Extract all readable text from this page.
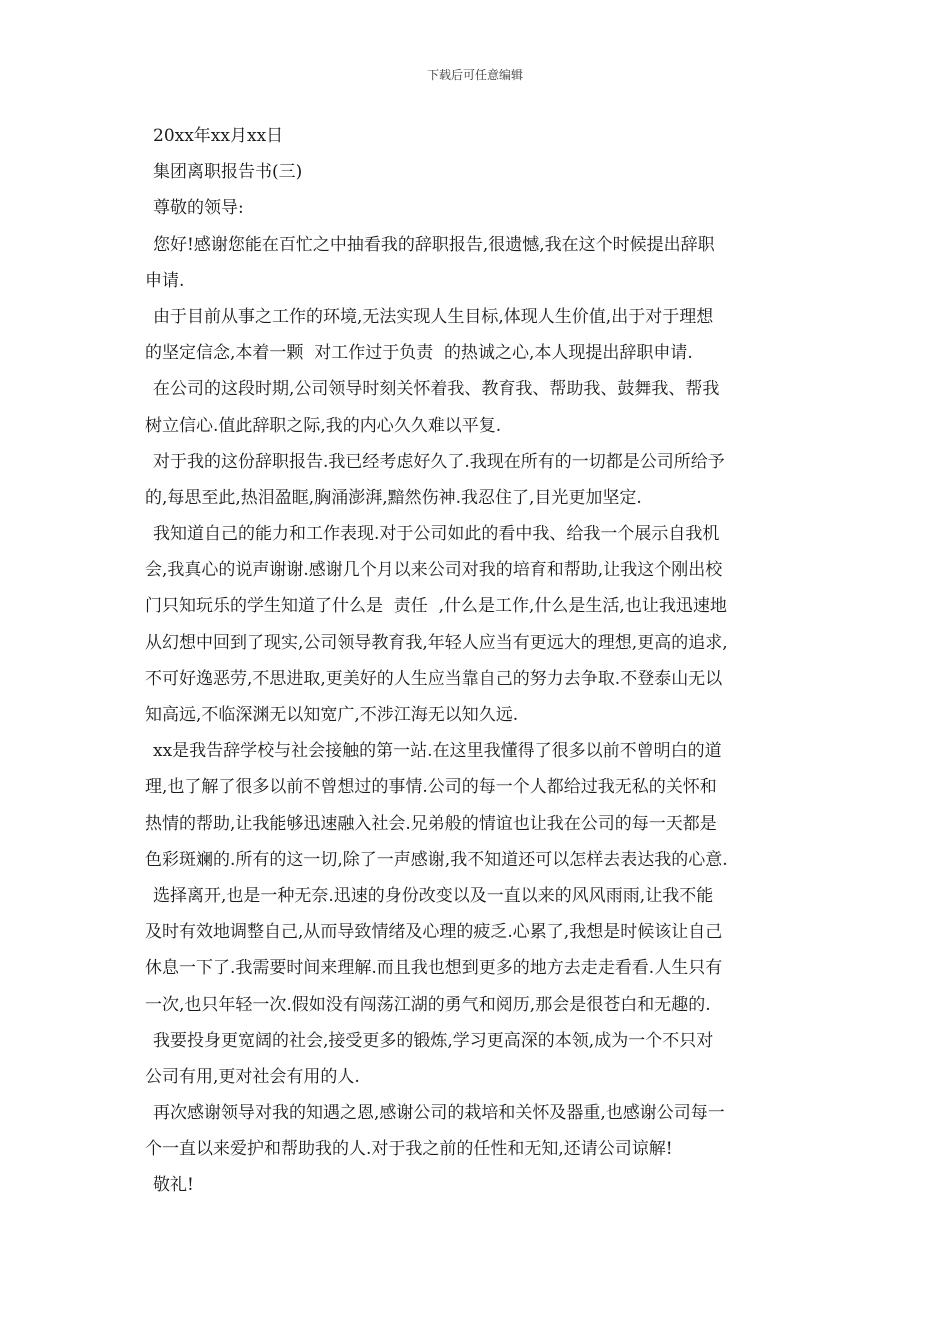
下载后可任意编辑
20xx年xx月xx日
集团离职报告书(三)
尊敬的领导:
您好!感谢您能在百忙之中抽看我的辞职报告,很遗憾,我在这个时候提出辞职
申请.
由于目前从事之工作的环境,无法实现人生目标,体现人生价值,出于对于理想
的坚定信念,本着一颗  对工作过于负责  的热诚之心,本人现提出辞职申请.
在公司的这段时期,公司领导时刻关怀着我、教育我、帮助我、鼓舞我、帮我
树立信心.值此辞职之际,我的内心久久难以平复.
对于我的这份辞职报告.我已经考虑好久了.我现在所有的一切都是公司所给予
的,每思至此,热泪盈眶,胸涌澎湃,黯然伤神.我忍住了,目光更加坚定.
我知道自己的能力和工作表现.对于公司如此的看中我、给我一个展示自我机
会,我真心的说声谢谢.感谢几个月以来公司对我的培育和帮助,让我这个刚出校
门只知玩乐的学生知道了什么是  责任  ,什么是工作,什么是生活,也让我迅速地
从幻想中回到了现实,公司领导教育我,年轻人应当有更远大的理想,更高的追求,
不可好逸恶劳,不思进取,更美好的人生应当靠自己的努力去争取.不登泰山无以
知高远,不临深渊无以知宽广,不涉江海无以知久远.
xx是我告辞学校与社会接触的第一站.在这里我懂得了很多以前不曾明白的道
理,也了解了很多以前不曾想过的事情.公司的每一个人都给过我无私的关怀和
热情的帮助,让我能够迅速融入社会.兄弟般的情谊也让我在公司的每一天都是
色彩斑斓的.所有的这一切,除了一声感谢,我不知道还可以怎样去表达我的心意.
选择离开,也是一种无奈.迅速的身份改变以及一直以来的风风雨雨,让我不能
及时有效地调整自己,从而导致情绪及心理的疲乏.心累了,我想是时候该让自己
休息一下了.我需要时间来理解.而且我也想到更多的地方去走走看看.人生只有
一次,也只年轻一次.假如没有闯荡江湖的勇气和阅历,那会是很苍白和无趣的.
我要投身更宽阔的社会,接受更多的锻炼,学习更高深的本领,成为一个不只对
公司有用,更对社会有用的人.
再次感谢领导对我的知遇之恩,感谢公司的栽培和关怀及器重,也感谢公司每一
个一直以来爱护和帮助我的人.对于我之前的任性和无知,还请公司谅解!
敬礼!
